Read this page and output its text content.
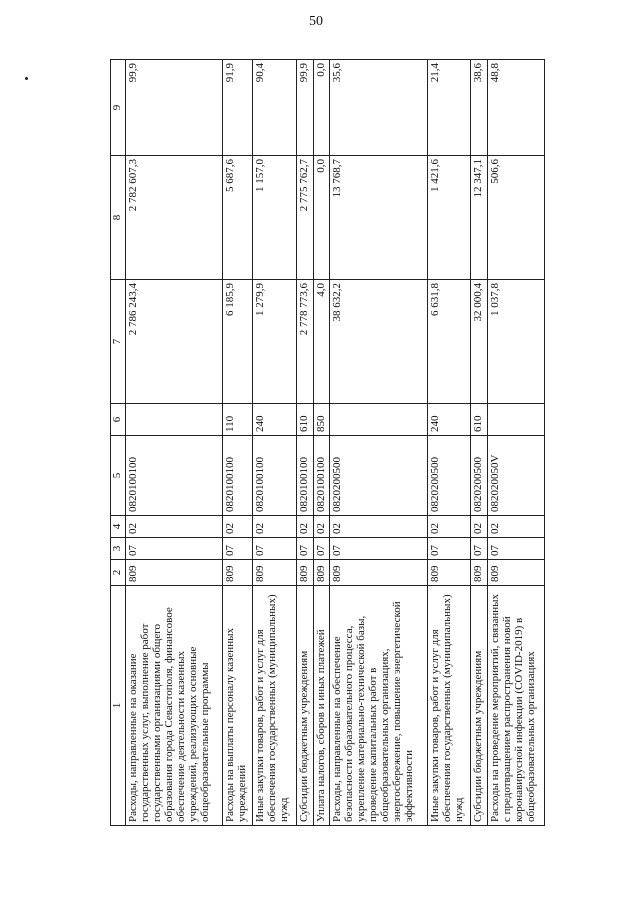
50
1	2	3	4	5	6	7	8	9
Расходы, направленные на оказание государственных услуг, выполнение работ государственными организациями общего образования города Севастополя, финансовое обеспечение деятельности казенных учреждений, реализующих основные общеобразовательные программы	809	07	02	0820100100		2 786 243,4	2 782 607,3	99,9
Расходы на выплаты персоналу казенных учреждений	809	07	02	0820100100	110	6 185,9	5 687,6	91,9
Иные закупки товаров, работ и услуг для обеспечения государственных (муниципальных) нужд	809	07	02	0820100100	240	1 279,9	1 157,0	90,4
Субсидии бюджетным учреждениям	809	07	02	0820100100	610	2 778 773,6	2 775 762,7	99,9
Уплата налогов, сборов и иных платежей	809	07	02	0820100100	850	4,0	0,0	0,0
Расходы, направленные на обеспечение безопасности образовательного процесса, укрепление материально-технической базы, проведение капитальных работ в общеобразовательных организациях, энергосбережение, повышение энергетической эффективности	809	07	02	0820200500		38 632,2	13 768,7	35,6
Иные закупки товаров, работ и услуг для обеспечения государственных (муниципальных) нужд	809	07	02	0820200500	240	6 631,8	1 421,6	21,4
Субсидии бюджетным учреждениям	809	07	02	0820200500	610	32 000,4	12 347,1	38,6
Расходы на проведение мероприятий, связанных с предотвращением распространения новой коронавирусной инфекции (COVID-2019) в общеобразовательных организациях	809	07	02	082020050V		1 037,8	506,6	48,8
